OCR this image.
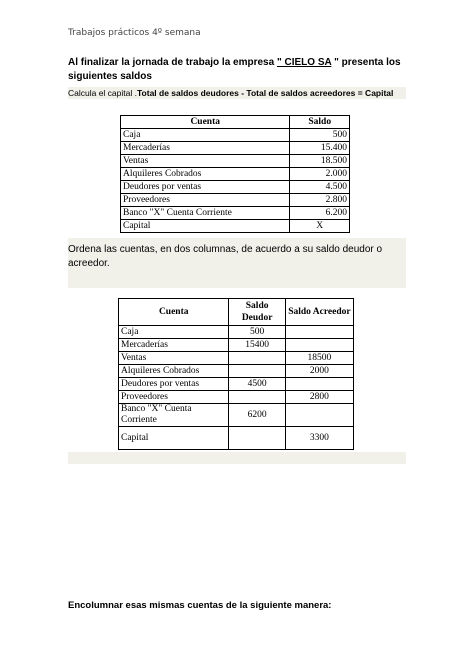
Trabajos prácticos 4º semana
Al finalizar la jornada de trabajo la empresa " CIELO SA " presenta los siguientes saldos
Calcula el capital .Total de saldos deudores - Total de saldos acreedores = Capital
Cuenta	Saldo
Caja	500
Mercaderías	15.400
Ventas	18.500
Alquileres Cobrados	2.000
Deudores por ventas	4.500
Proveedores	2.800
Banco "X" Cuenta Corriente	6.200
Capital	X
Ordena las cuentas, en dos columnas, de acuerdo a su saldo deudor o acreedor.
Cuenta	Saldo Deudor	Saldo Acreedor
Caja	500	
Mercaderías	15400	
Ventas		18500
Alquileres Cobrados		2000
Deudores por ventas	4500	
Proveedores		2800
Banco "X" Cuenta Corriente	6200	
Capital		3300
Encolumnar esas mismas cuentas de la siguiente manera:
